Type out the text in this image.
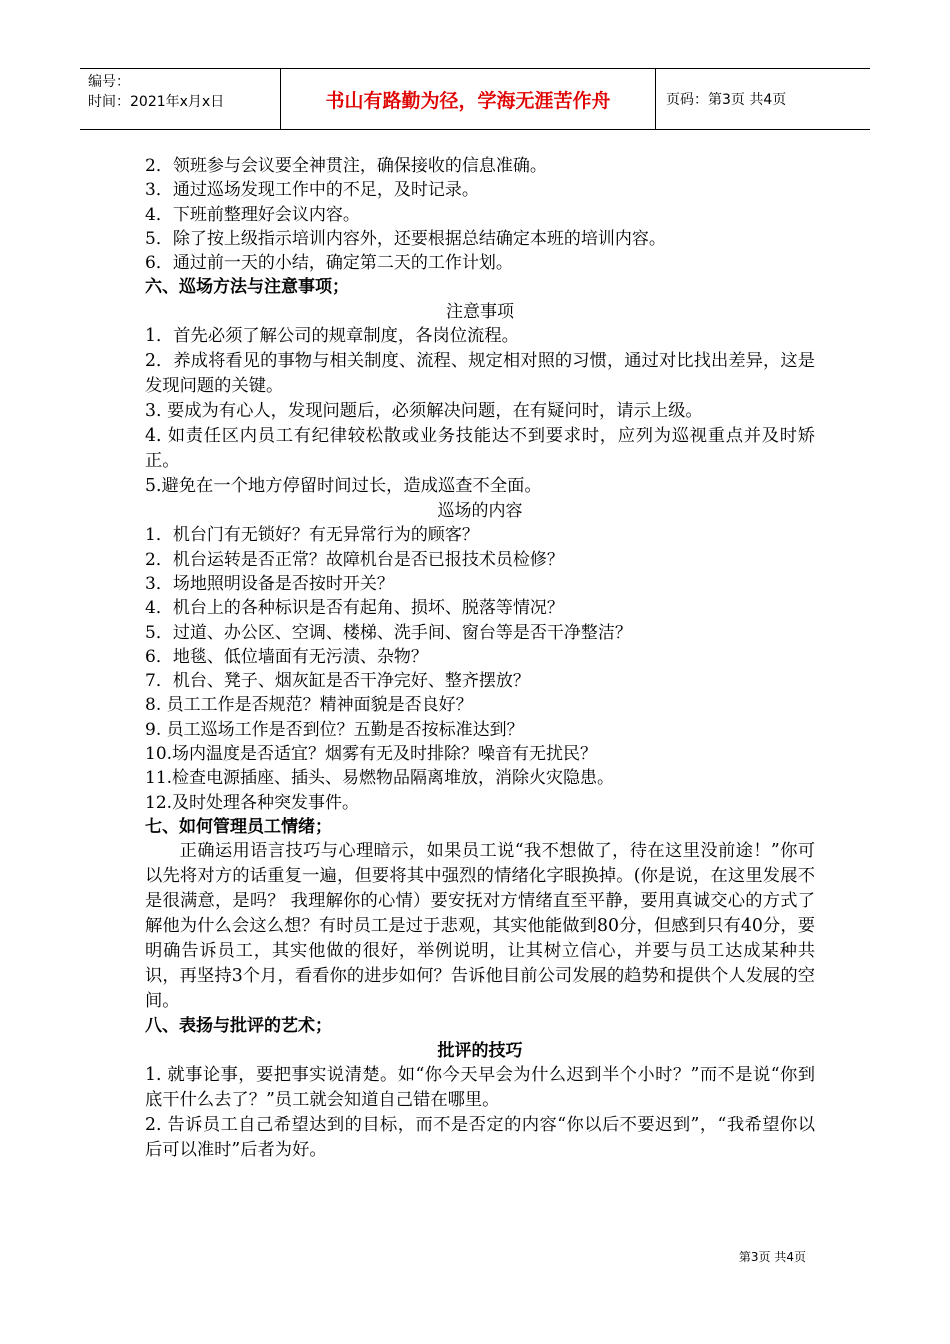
编号：
时间：2021年x月x日	书山有路勤为径，学海无涯苦作舟	页码：第3页 共4页
2．领班参与会议要全神贯注，确保接收的信息准确。
3．通过巡场发现工作中的不足，及时记录。
4．下班前整理好会议内容。
5．除了按上级指示培训内容外，还要根据总结确定本班的培训内容。
6．通过前一天的小结，确定第二天的工作计划。
六、巡场方法与注意事项；
注意事项
1．首先必须了解公司的规章制度，各岗位流程。
2．养成将看见的事物与相关制度、流程、规定相对照的习惯，通过对比找出差异，这是发现问题的关键。
3. 要成为有心人，发现问题后，必须解决问题，在有疑问时，请示上级。
4. 如责任区内员工有纪律较松散或业务技能达不到要求时，应列为巡视重点并及时矫正。
5.避免在一个地方停留时间过长，造成巡查不全面。
巡场的内容
1．机台门有无锁好？有无异常行为的顾客？
2．机台运转是否正常？故障机台是否已报技术员检修？
3．场地照明设备是否按时开关？
4．机台上的各种标识是否有起角、损坏、脱落等情况？
5．过道、办公区、空调、楼梯、洗手间、窗台等是否干净整洁？
6．地毯、低位墙面有无污渍、杂物？
7．机台、凳子、烟灰缸是否干净完好、整齐摆放？
8. 员工工作是否规范？精神面貌是否良好？
9. 员工巡场工作是否到位？五勤是否按标准达到？
10.场内温度是否适宜？烟雾有无及时排除？噪音有无扰民？
11.检查电源插座、插头、易燃物品隔离堆放，消除火灾隐患。
12.及时处理各种突发事件。
七、如何管理员工情绪；
正确运用语言技巧与心理暗示，如果员工说“我不想做了，待在这里没前途！”你可以先将对方的话重复一遍，但要将其中强烈的情绪化字眼换掉。(你是说，在这里发展不是很满意，是吗？ 我理解你的心情）要安抚对方情绪直至平静，要用真诚交心的方式了解他为什么会这么想？有时员工是过于悲观，其实他能做到80分，但感到只有40分，要明确告诉员工，其实他做的很好，举例说明，让其树立信心，并要与员工达成某种共识，再坚持3个月，看看你的进步如何？告诉他目前公司发展的趋势和提供个人发展的空间。
八、表扬与批评的艺术；
批评的技巧
1. 就事论事，要把事实说清楚。如“你今天早会为什么迟到半个小时？”而不是说“你到底干什么去了？”员工就会知道自己错在哪里。
2. 告诉员工自己希望达到的目标，而不是否定的内容“你以后不要迟到”，“我希望你以后可以准时”后者为好。
第3页 共4页
